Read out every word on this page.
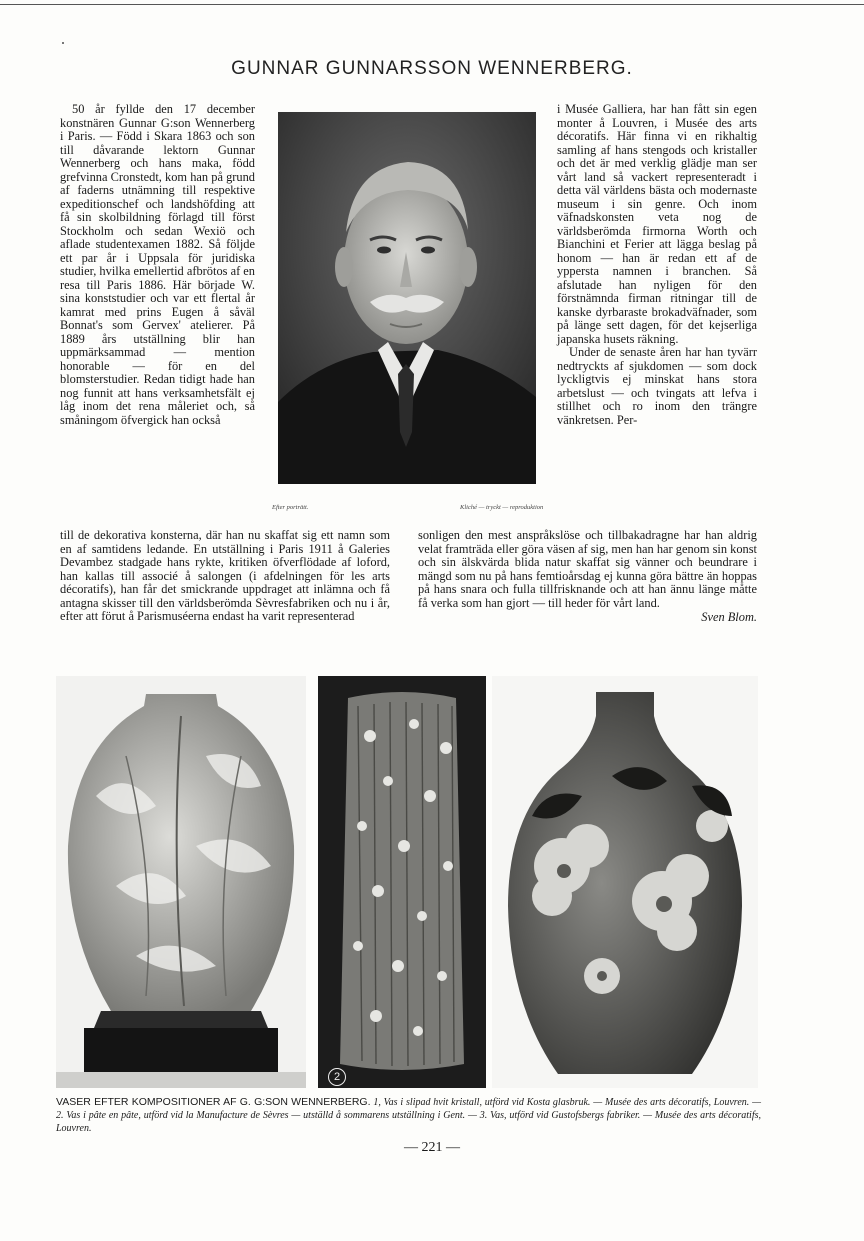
GUNNAR GUNNARSSON WENNERBERG.

50 år fyllde den 17 december konstnären Gunnar G:son Wennerberg i Paris. — Född i Skara 1863 och son till dåvarande lektorn Gunnar Wennerberg och hans maka, född grefvinna Cronstedt, kom han på grund af faderns utnämning till respektive expeditionschef och landshöfding att få sin skolbildning förlagd till först Stockholm och sedan Wexiö och aflade studentexamen 1882. Så följde ett par år i Uppsala för juridiska studier, hvilka emellertid afbrötos af en resa till Paris 1886. Här började W. sina konststudier och var ett flertal år kamrat med prins Eugen å såväl Bonnat's som Gervex' atelierer. På 1889 års utställning blir han uppmärksammad — mention honorable — för en del blomsterstudier. Redan tidigt hade han nog funnit att hans verksamhetsfält ej låg inom det rena måleriet och, så småningom öfvergick han också

Efter porträtt.	Kliché — tryckt — reproduktion

i Musée Galliera, har han fått sin egen monter å Louvren, i Musée des arts décoratifs. Här finna vi en rikhaltig samling af hans stengods och kristaller och det är med verklig glädje man ser vårt land så vackert representeradt i detta väl världens bästa och modernaste museum i sin genre. Och inom väfnadskonsten veta nog de världsberömda firmorna Worth och Bianchini et Ferier att lägga beslag på honom — han är redan ett af de yppersta namnen i branchen. Så afslutade han nyligen för den förstnämnda firman ritningar till de kanske dyrbaraste brokadväfnader, som på länge sett dagen, för det kejserliga japanska husets räkning.

Under de senaste åren har han tyvärr nedtryckts af sjukdomen — som dock lyckligtvis ej minskat hans stora arbetslust — och tvingats att lefva i stillhet och ro inom den trängre vänkretsen. Per-

till de dekorativa konsterna, där han nu skaffat sig ett namn som en af samtidens ledande. En utställning i Paris 1911 å Galeries Devambez stadgade hans rykte, kritiken öfverflödade af loford, han kallas till associé å salongen (i afdelningen för les arts décoratifs), han får det smickrande uppdraget att inlämna och få antagna skisser till den världsberömda Sèvresfabriken och nu i år, efter att förut å Parismuséerna endast ha varit representerad
sonligen den mest anspråkslöse och tillbakadragne har han aldrig velat framträda eller göra väsen af sig, men han har genom sin konst och sin älskvärda blida natur skaffat sig vänner och beundrare i mängd som nu på hans femtioårsdag ej kunna göra bättre än hoppas på hans snara och fulla tillfrisknande och att han ännu länge måtte få verka som han gjort — till heder för vårt land.
Sven Blom.
2
VASER EFTER KOMPOSITIONER AF G. G:SON WENNERBERG. 1, Vas i slipad hvit kristall, utförd vid Kosta glasbruk. — Musée des arts décoratifs, Louvren. — 2. Vas i pâte en pâte, utförd vid la Manufacture de Sèvres — utställd å sommarens utställning i Gent. — 3. Vas, utförd vid Gustofsbergs fabriker. — Musée des arts décoratifs, Louvren.
— 221 —
